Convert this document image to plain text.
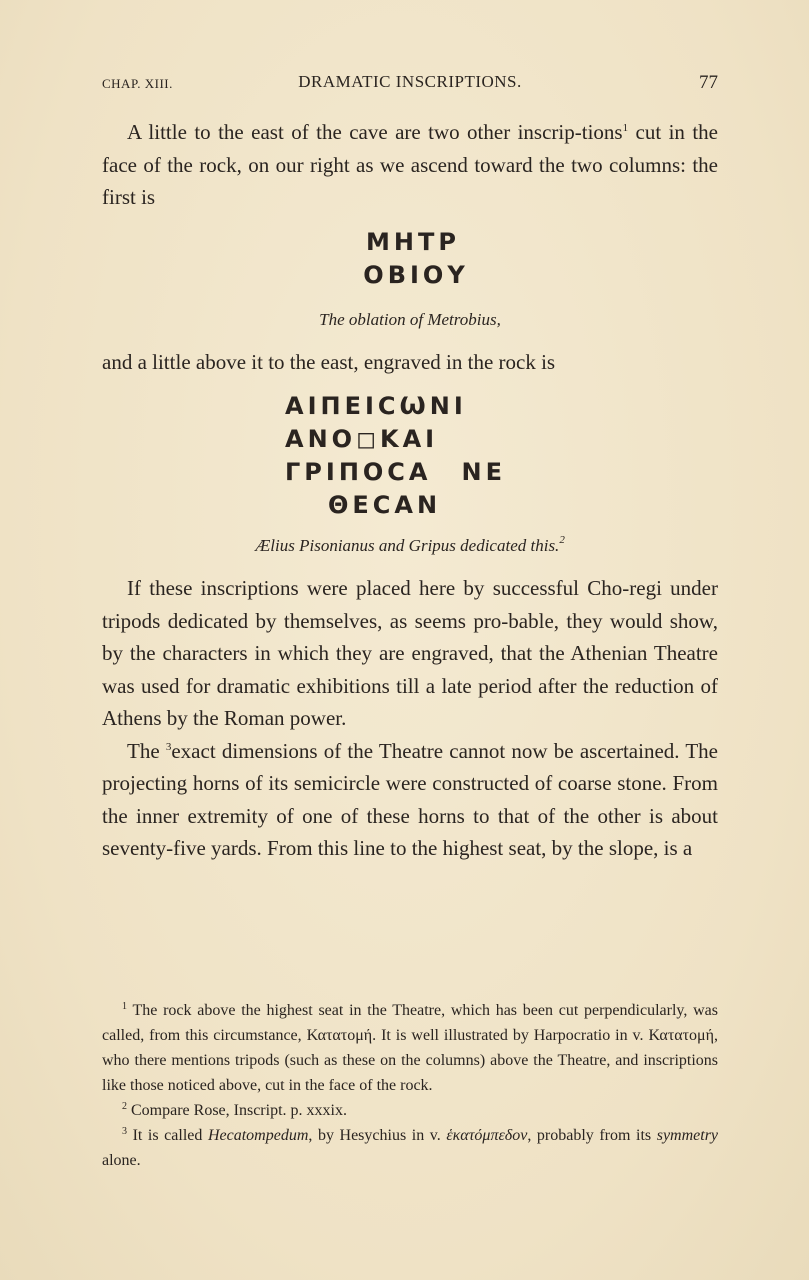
CHAP. XIII.	DRAMATIC INSCRIPTIONS.	77

A little to the east of the cave are two other inscrip-tions$^1$ cut in the face of the rock, on our right as we ascend toward the two columns: the first is

ΜΗΤΡ

ΟΒΙΟΥ

The oblation of Metrobius,

and a little above it to the east, engraved in the rock is

ΑΙΠΕΙϹѠΝΙ

ΑΝΟ◻ΚΑΙ

ΓΡΙΠΟϹΑ ΝΕ

ΘΕϹΑΝ

Ælius Pisonianus and Gripus dedicated this.$^2$

If these inscriptions were placed here by successful Cho-regi under tripods dedicated by themselves, as seems pro-bable, they would show, by the characters in which they are engraved, that the Athenian Theatre was used for dramatic exhibitions till a late period after the reduction of Athens by the Roman power.

The $^3$exact dimensions of the Theatre cannot now be ascertained. The projecting horns of its semicircle were constructed of coarse stone. From the inner extremity of one of these horns to that of the other is about seventy-five yards. From this line to the highest seat, by the slope, is a

$^1$ The rock above the highest seat in the Theatre, which has been cut perpendicularly, was called, from this circumstance, Κατατομή. It is well illustrated by Harpocratio in v. Κατατομή, who there mentions tripods (such as these on the columns) above the Theatre, and inscriptions like those noticed above, cut in the face of the rock.

$^2$ Compare Rose, Inscript. p. xxxix.

$^3$ It is called Hecatompedum, by Hesychius in v. ἑκατόμπεδον, probably from its symmetry alone.
